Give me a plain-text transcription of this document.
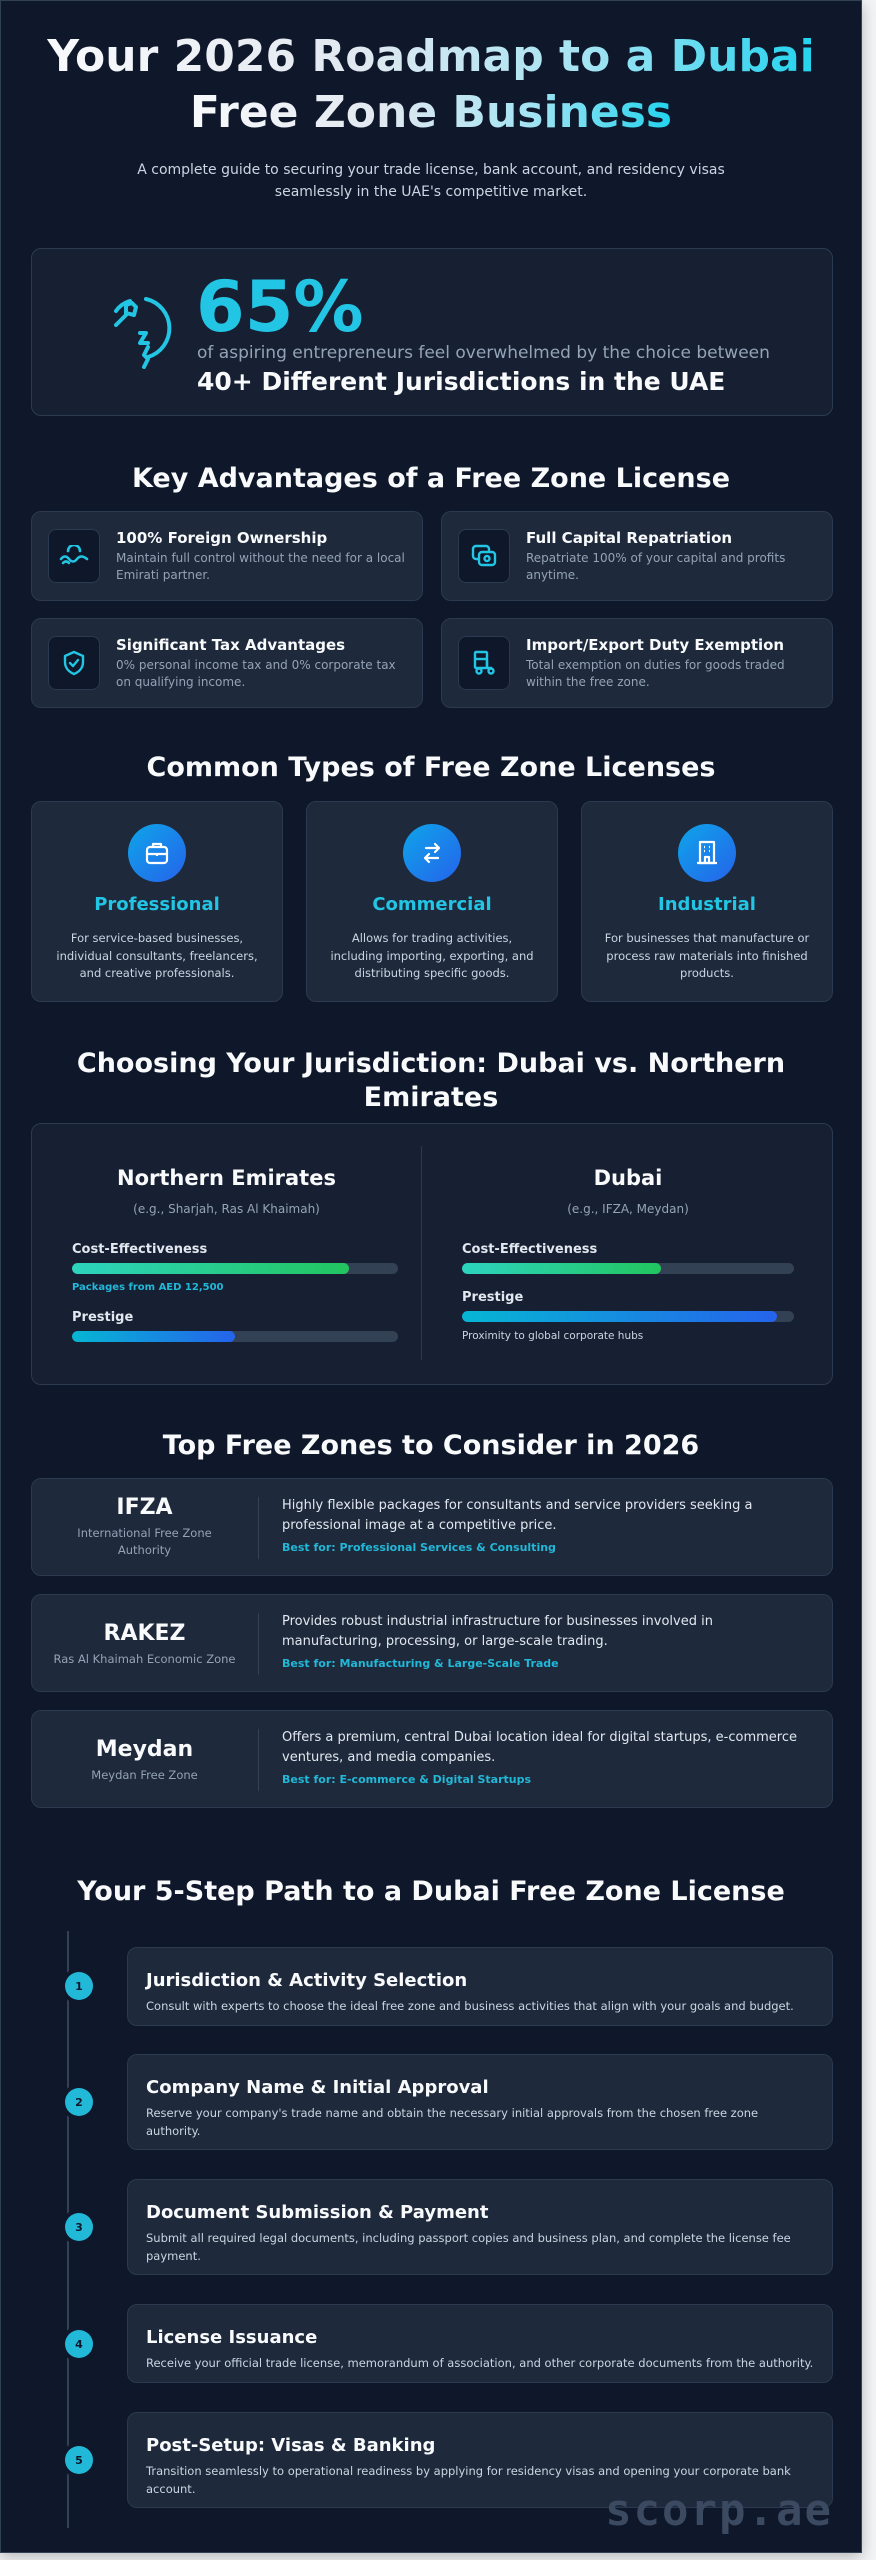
Your 2026 Roadmap to a Dubai
Free Zone Business

A complete guide to securing your trade license, bank account, and residency visas seamlessly in the UAE's competitive market.

65%
of aspiring entrepreneurs feel overwhelmed by the choice between
40+ Different Jurisdictions in the UAE
Key Advantages of a Free Zone License
100% Foreign Ownership
Maintain full control without the need for a local Emirati partner.
Full Capital Repatriation
Repatriate 100% of your capital and profits anytime.
Significant Tax Advantages
0% personal income tax and 0% corporate tax on qualifying income.
Import/Export Duty Exemption
Total exemption on duties for goods traded within the free zone.
Common Types of Free Zone Licenses
Professional
For service-based businesses, individual consultants, freelancers, and creative professionals.
Commercial
Allows for trading activities, including importing, exporting, and distributing specific goods.
Industrial
For businesses that manufacture or process raw materials into finished products.
Choosing Your Jurisdiction: Dubai vs. Northern Emirates
Northern Emirates
(e.g., Sharjah, Ras Al Khaimah)
Cost-Effectiveness
Packages from AED 12,500
Prestige
Dubai
(e.g., IFZA, Meydan)
Cost-Effectiveness
Prestige
Proximity to global corporate hubs
Top Free Zones to Consider in 2026
IFZA
International Free Zone Authority
Highly flexible packages for consultants and service providers seeking a professional image at a competitive price.
Best for: Professional Services & Consulting
RAKEZ
Ras Al Khaimah Economic Zone
Provides robust industrial infrastructure for businesses involved in manufacturing, processing, or large-scale trading.
Best for: Manufacturing & Large-Scale Trade
Meydan
Meydan Free Zone
Offers a premium, central Dubai location ideal for digital startups, e-commerce ventures, and media companies.
Best for: E-commerce & Digital Startups
Your 5-Step Path to a Dubai Free Zone License
1	Jurisdiction & Activity Selection
Consult with experts to choose the ideal free zone and business activities that align with your goals and budget.
2
Company Name & Initial Approval
Reserve your company's trade name and obtain the necessary initial approvals from the chosen free zone authority.
3
Document Submission & Payment
Submit all required legal documents, including passport copies and business plan, and complete the license fee payment.
4	License Issuance
Receive your official trade license, memorandum of association, and other corporate documents from the authority.
5
Post-Setup: Visas & Banking
Transition seamlessly to operational readiness by applying for residency visas and opening your corporate bank account.	scorp.ae
